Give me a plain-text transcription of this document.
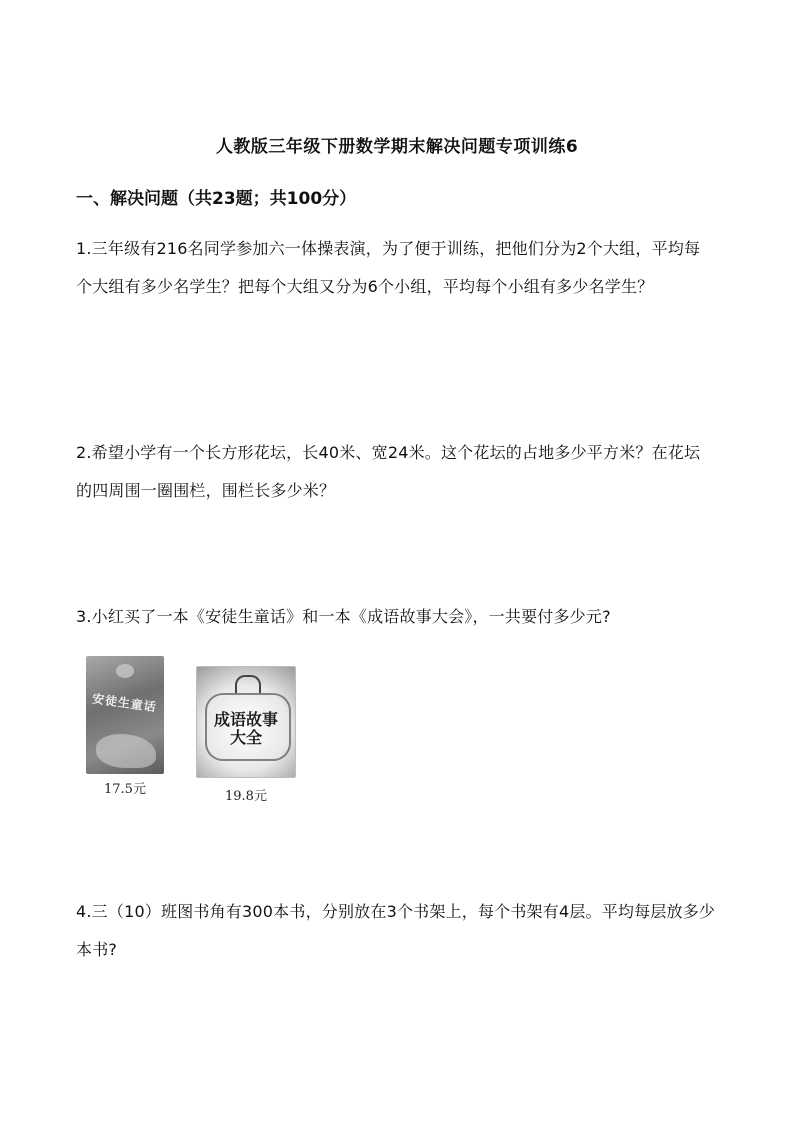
人教版三年级下册数学期末解决问题专项训练6
一、解决问题（共23题；共100分）
1.三年级有216名同学参加六一体操表演，为了便于训练，把他们分为2个大组，平均每个大组有多少名学生？把每个大组又分为6个小组，平均每个小组有多少名学生？
2.希望小学有一个长方形花坛，长40米、宽24米。这个花坛的占地多少平方米？在花坛的四周围一圈围栏，围栏长多少米？
3.小红买了一本《安徒生童话》和一本《成语故事大会》，一共要付多少元?
安徒生童话
17.5元
成语故事
大全
19.8元
4.三（10）班图书角有300本书，分别放在3个书架上，每个书架有4层。平均每层放多少本书?
